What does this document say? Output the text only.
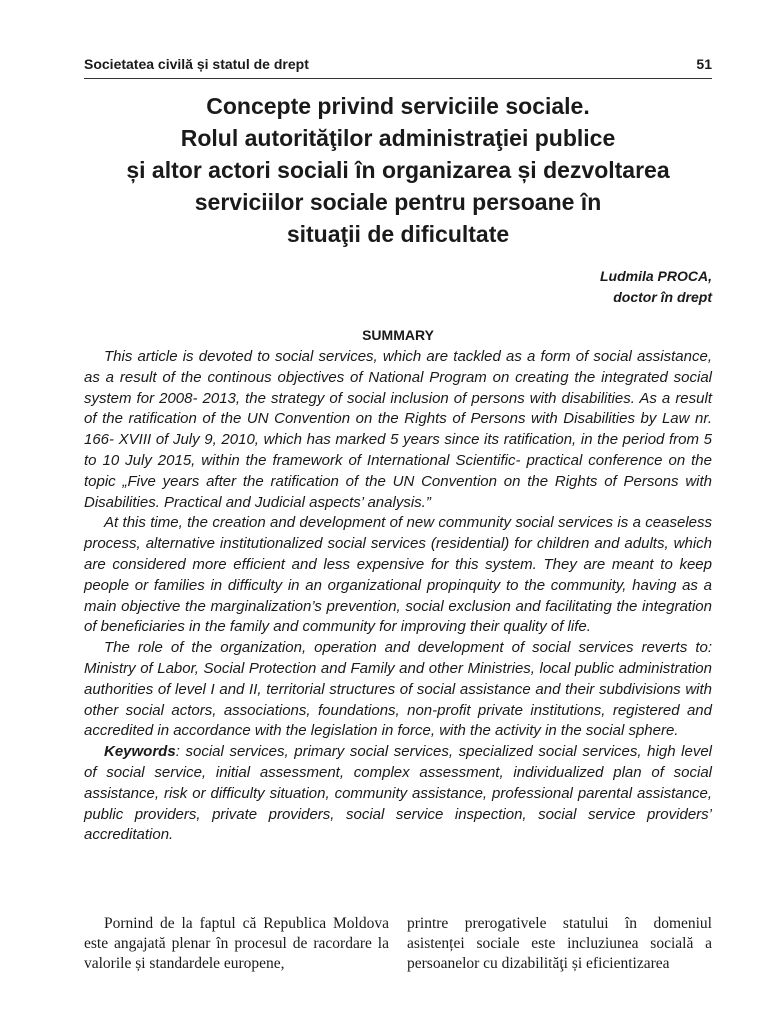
Societatea civilă și statul de drept	51
Concepte privind serviciile sociale.
Rolul autorităţilor administraţiei publice
și altor actori sociali în organizarea și dezvoltarea
serviciilor sociale pentru persoane în
situaţii de dificultate
Ludmila PROCA,
doctor în drept
SUMMARY

This article is devoted to social services, which are tackled as a form of social assistance, as a result of the continous objectives of National Program on creating the integrated social system for 2008- 2013, the strategy of social inclusion of persons with disabilities. As a result of the ratification of the UN Convention on the Rights of Persons with Disabilities by Law nr. 166- XVIII of July 9, 2010, which has marked 5 years since its ratification, in the period from 5 to 10 July 2015, within the framework of International Scientific- practical conference on the topic „Five years after the ratification of the UN Convention on the Rights of Persons with Disabilities. Practical and Judicial aspects’ analysis.”

At this time, the creation and development of new community social services is a ceaseless process, alternative institutionalized social services (residential) for children and adults, which are considered more efficient and less expensive for this system. They are meant to keep people or families in difficulty in an organizational propinquity to the community, having as a main objective the marginalization’s prevention, social exclusion and facilitating the integration of beneficiaries in the family and community for improving their quality of life.

The role of the organization, operation and development of social services reverts to: Ministry of Labor, Social Protection and Family and other Ministries, local public administration authorities of level I and II, territorial structures of social assistance and their subdivisions with other social actors, associations, foundations, non-profit private institutions, registered and accredited in accordance with the legislation in force, with the activity in the social sphere.

Keywords: social services, primary social services, specialized social services, high level of social service, initial assessment, complex assessment, individualized plan of social assistance, risk or difficulty situation, community assistance, professional parental assistance, public providers, private providers, social service inspection, social service providers’ accreditation.

Pornind de la faptul că Republica Moldova este angajată plenar în procesul de racordare la valorile și standardele europene,

printre prerogativele statului în domeniul asistenței sociale este incluziunea socială a persoanelor cu dizabilităţi și eficientizarea
